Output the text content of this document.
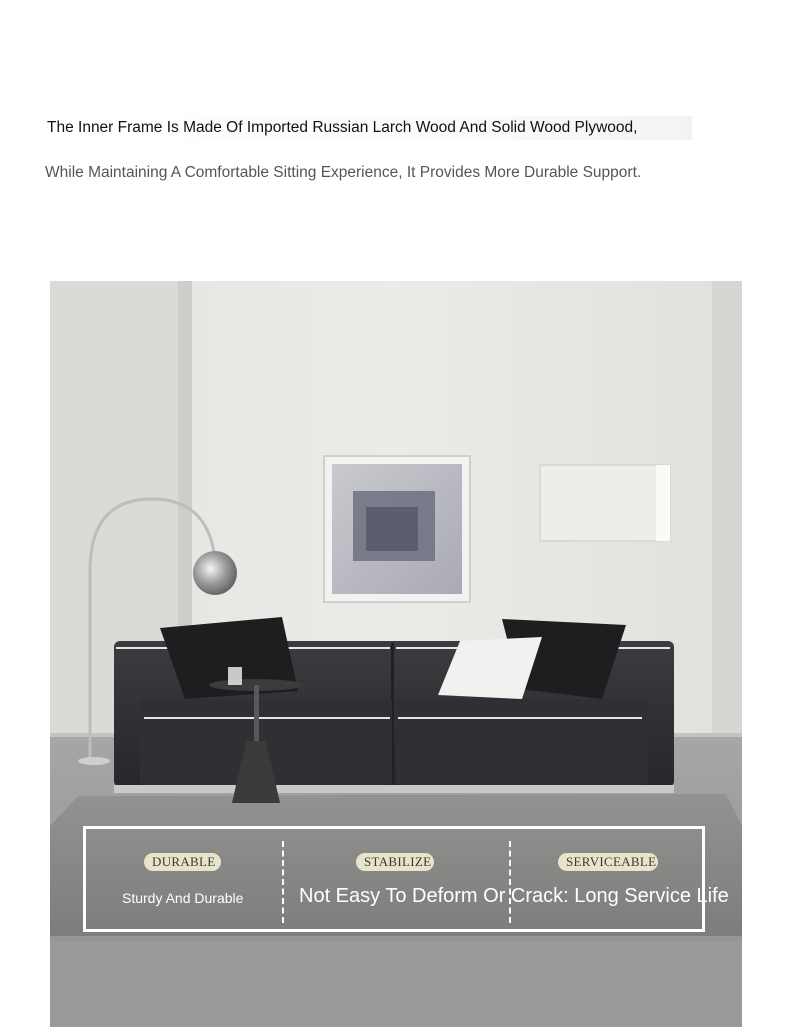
The Inner Frame Is Made Of Imported Russian Larch Wood And Solid Wood Plywood,
While Maintaining A Comfortable Sitting Experience, It Provides More Durable Support.
DURABLE
Sturdy And Durable
STABILIZE
Not Easy To Deform Or Crack: Long Service Life
SERVICEABLE
